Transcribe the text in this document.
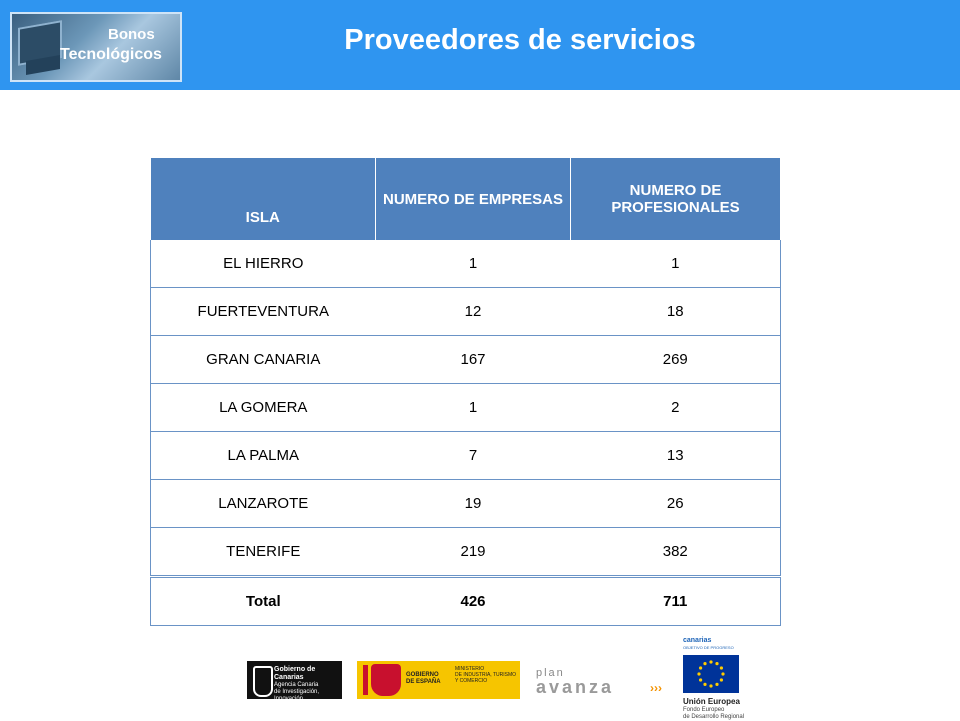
Bonos
Tecnológicos	Proveedores de servicios
ISLA	NUMERO DE EMPRESAS	NUMERO DE PROFESIONALES
EL HIERRO	1	1
FUERTEVENTURA	12	18
GRAN CANARIA	167	269
LA GOMERA	1	2
LA PALMA	7	13
LANZAROTE	19	26
TENERIFE	219	382
Total	426	711
Gobierno de Canarias
Agencia Canaria
de Investigación, Innovación
y Sociedad de la Información
GOBIERNO
DE ESPAÑA
MINISTERIO
DE INDUSTRIA, TURISMO
Y COMERCIO
plan
avanza	›››
canarias
OBJETIVO DE PROGRESO
Unión Europea
Fondo Europeo
de Desarrollo Regional
